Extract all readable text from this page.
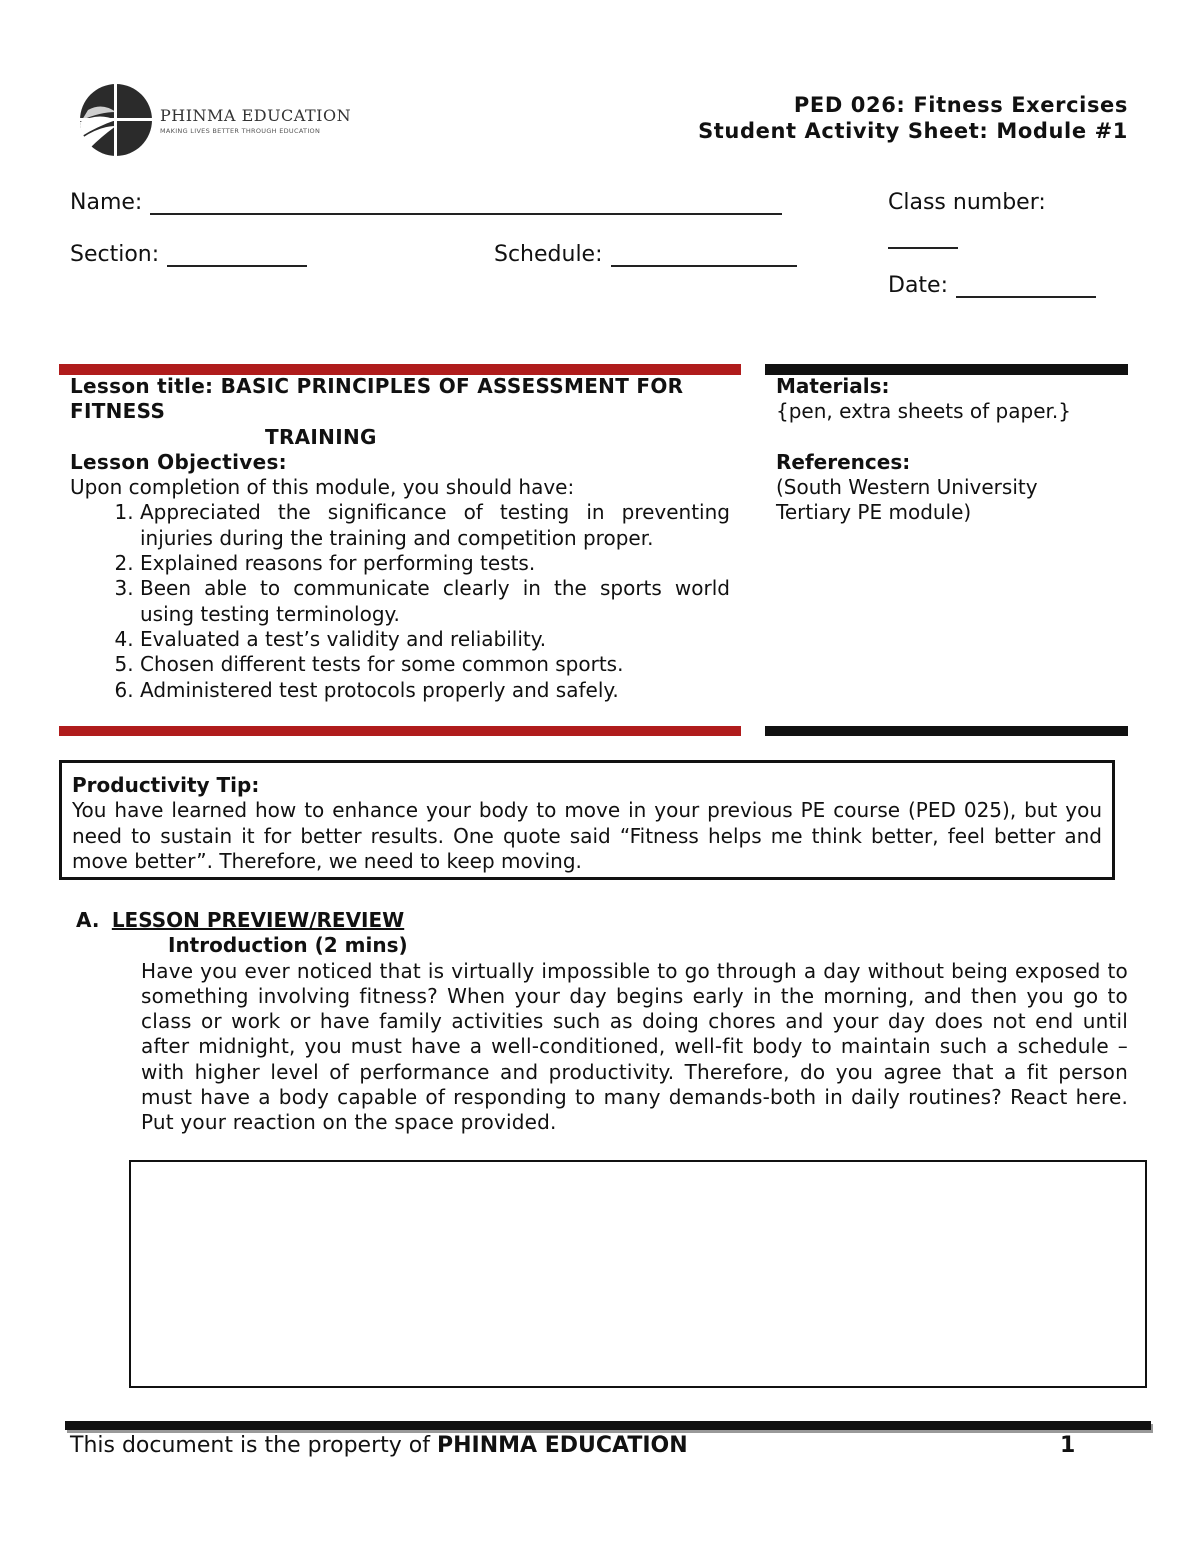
PHINMA EDUCATION
MAKING LIVES BETTER THROUGH EDUCATION
PED 026: Fitness Exercises
Student Activity Sheet: Module #1
Name:	Class number:
Section:	Schedule:
Date:
Lesson title: BASIC PRINCIPLES OF ASSESSMENT FOR
FITNESS
TRAINING
Lesson Objectives:
Upon completion of this module, you should have:
1. Appreciated the significance of testing in preventing injuries during the training and competition proper.
2. Explained reasons for performing tests.
3. Been able to communicate clearly in the sports world using testing terminology.
4. Evaluated a test’s validity and reliability.
5. Chosen different tests for some common sports.
6. Administered test protocols properly and safely.
Materials:
{pen, extra sheets of paper.}
References:
(South Western University
Tertiary PE module)
Productivity Tip:
You have learned how to enhance your body to move in your previous PE course (PED 025), but you need to sustain it for better results. One quote said “Fitness helps me think better, feel better and move better”. Therefore, we need to keep moving.
A. LESSON PREVIEW/REVIEW
Introduction (2 mins)
Have you ever noticed that is virtually impossible to go through a day without being exposed to something involving fitness? When your day begins early in the morning, and then you go to class or work or have family activities such as doing chores and your day does not end until after midnight, you must have a well-conditioned, well-fit body to maintain such a schedule – with higher level of performance and productivity. Therefore, do you agree that a fit person must have a body capable of responding to many demands-both in daily routines? React here. Put your reaction on the space provided.
This document is the property of PHINMA EDUCATION	1
